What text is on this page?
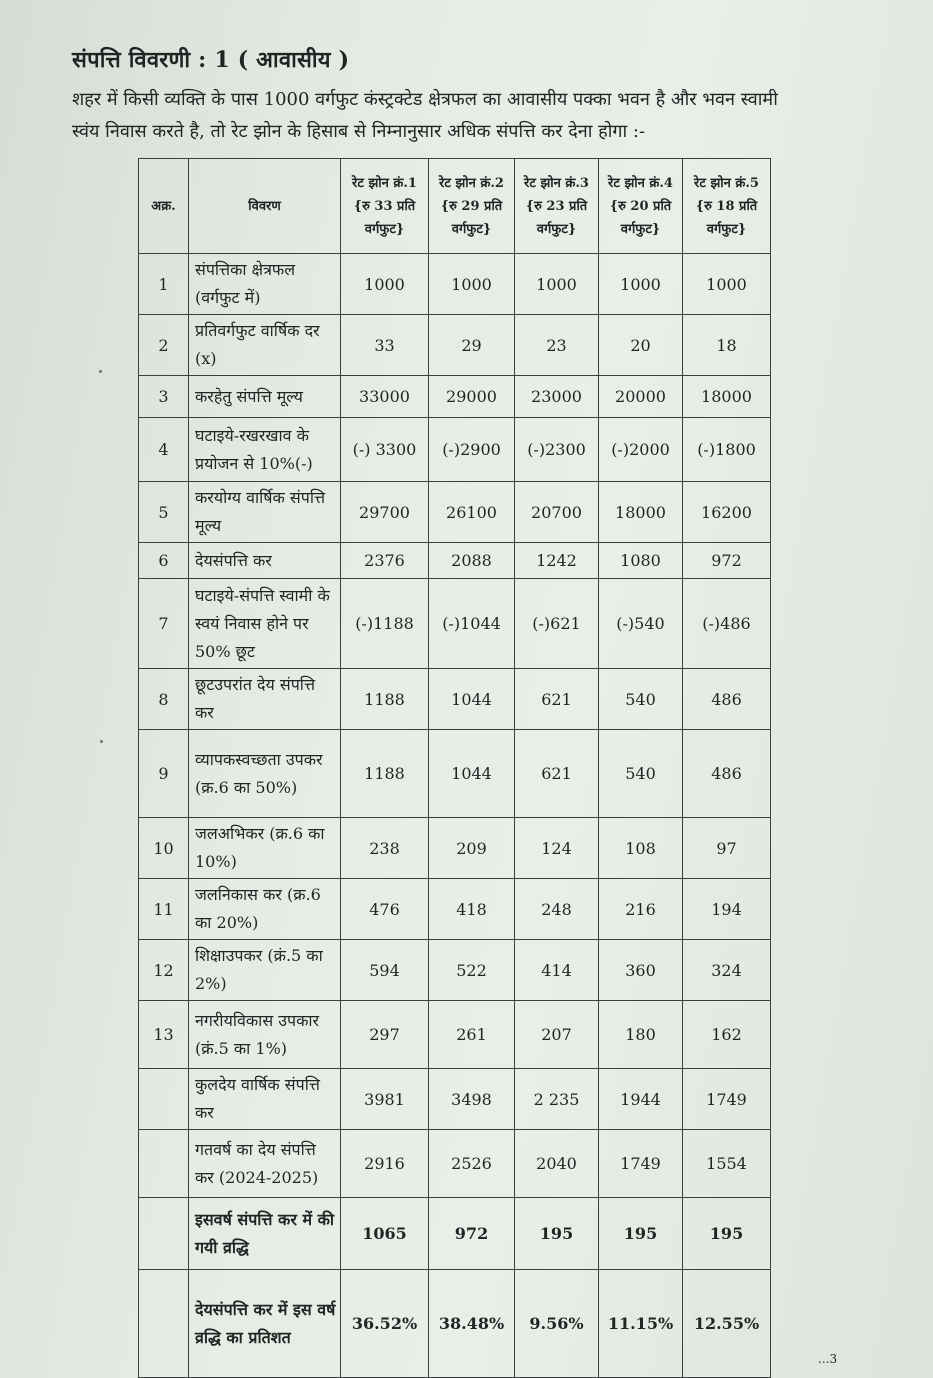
संपत्ति विवरणी : 1 ( आवासीय )
शहर में किसी व्यक्ति के पास 1000 वर्गफुट कंस्ट्रक्टेड क्षेत्रफल का आवासीय पक्का भवन है और भवन स्वामी
स्वंय निवास करते है, तो रेट झोन के हिसाब से निम्नानुसार अधिक संपत्ति कर देना होगा :-
अक्र.	विवरण	रेट झोन क्रं.1 {रु 33 प्रति वर्गफुट}	रेट झोन क्रं.2 {रु 29 प्रति वर्गफुट}	रेट झोन क्रं.3 {रु 23 प्रति वर्गफुट}	रेट झोन क्रं.4 {रु 20 प्रति वर्गफुट}	रेट झोन क्रं.5 {रु 18 प्रति वर्गफुट}
1	संपत्तिका क्षेत्रफल (वर्गफुट में)	1000	1000	1000	1000	1000
2	प्रतिवर्गफुट वार्षिक दर (x)	33	29	23	20	18
3	करहेतु संपत्ति मूल्य	33000	29000	23000	20000	18000
4	घटाइये-रखरखाव के प्रयोजन से 10%(-)	(-) 3300	(-)2900	(-)2300	(-)2000	(-)1800
5	करयोग्य वार्षिक संपत्ति मूल्य	29700	26100	20700	18000	16200
6	देयसंपत्ति कर	2376	2088	1242	1080	972
7	घटाइये-संपत्ति स्वामी के स्वयं निवास होने पर 50% छूट	(-)1188	(-)1044	(-)621	(-)540	(-)486
8	छूटउपरांत देय संपत्ति कर	1188	1044	621	540	486
9	व्यापकस्वच्छता उपकर (क्र.6 का 50%)	1188	1044	621	540	486
10	जलअभिकर (क्र.6 का 10%)	238	209	124	108	97
11	जलनिकास कर (क्र.6 का 20%)	476	418	248	216	194
12	शिक्षाउपकर (क्रं.5 का 2%)	594	522	414	360	324
13	नगरीयविकास उपकार (क्रं.5 का 1%)	297	261	207	180	162
	कुलदेय वार्षिक संपत्ति कर	3981	3498	2 235	1944	1749
	गतवर्ष का देय संपत्ति कर (2024-2025)	2916	2526	2040	1749	1554
	इसवर्ष संपत्ति कर में की गयी व्रद्धि	1065	972	195	195	195
	देयसंपत्ति कर में इस वर्ष व्रद्धि का प्रतिशत	36.52%	38.48%	9.56%	11.15%	12.55%
...3
